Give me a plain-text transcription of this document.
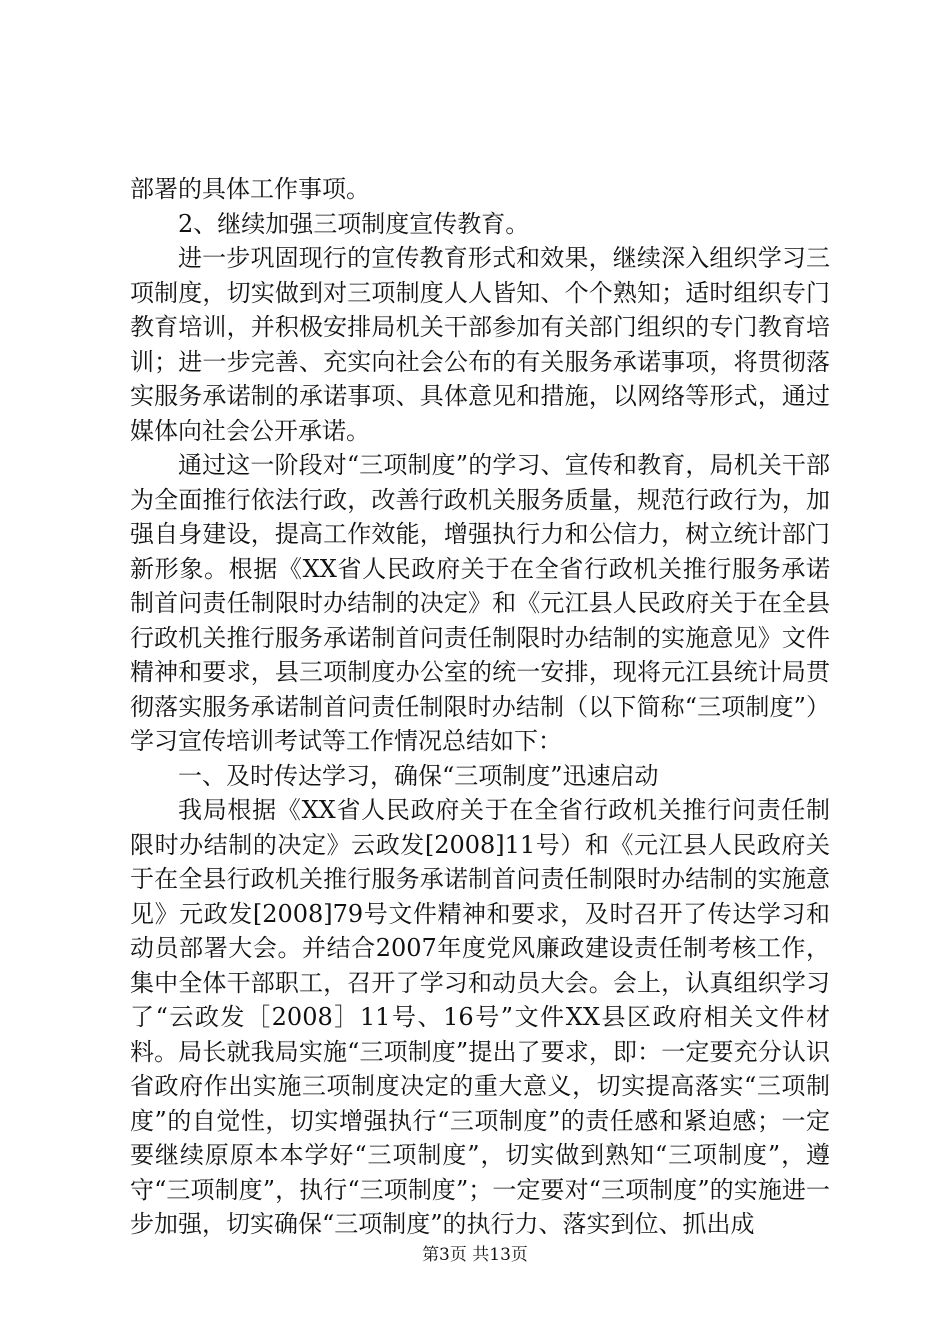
部署的具体工作事项。

2、继续加强三项制度宣传教育。

进一步巩固现行的宣传教育形式和效果，继续深入组织学习三项制度，切实做到对三项制度人人皆知、个个熟知；适时组织专门教育培训，并积极安排局机关干部参加有关部门组织的专门教育培训；进一步完善、充实向社会公布的有关服务承诺事项，将贯彻落实服务承诺制的承诺事项、具体意见和措施，以网络等形式，通过媒体向社会公开承诺。

通过这一阶段对“三项制度”的学习、宣传和教育，局机关干部为全面推行依法行政，改善行政机关服务质量，规范行政行为，加强自身建设，提高工作效能，增强执行力和公信力，树立统计部门新形象。根据《XX省人民政府关于在全省行政机关推行服务承诺制首问责任制限时办结制的决定》和《元江县人民政府关于在全县行政机关推行服务承诺制首问责任制限时办结制的实施意见》文件精神和要求，县三项制度办公室的统一安排，现将元江县统计局贯彻落实服务承诺制首问责任制限时办结制（以下简称“三项制度”）学习宣传培训考试等工作情况总结如下：

一、及时传达学习，确保“三项制度”迅速启动

我局根据《XX省人民政府关于在全省行政机关推行问责任制限时办结制的决定》云政发[2008]11号）和《元江县人民政府关于在全县行政机关推行服务承诺制首问责任制限时办结制的实施意见》元政发[2008]79号文件精神和要求，及时召开了传达学习和动员部署大会。并结合2007年度党风廉政建设责任制考核工作，集中全体干部职工，召开了学习和动员大会。会上，认真组织学习了“云政发［2008］11号、16号”文件XX县区政府相关文件材料。局长就我局实施“三项制度”提出了要求，即：一定要充分认识省政府作出实施三项制度决定的重大意义，切实提高落实“三项制度”的自觉性，切实增强执行“三项制度”的责任感和紧迫感；一定要继续原原本本学好“三项制度”，切实做到熟知“三项制度”，遵守“三项制度”，执行“三项制度”；一定要对“三项制度”的实施进一步加强，切实确保“三项制度”的执行力、落实到位、抓出成

第3页 共13页
